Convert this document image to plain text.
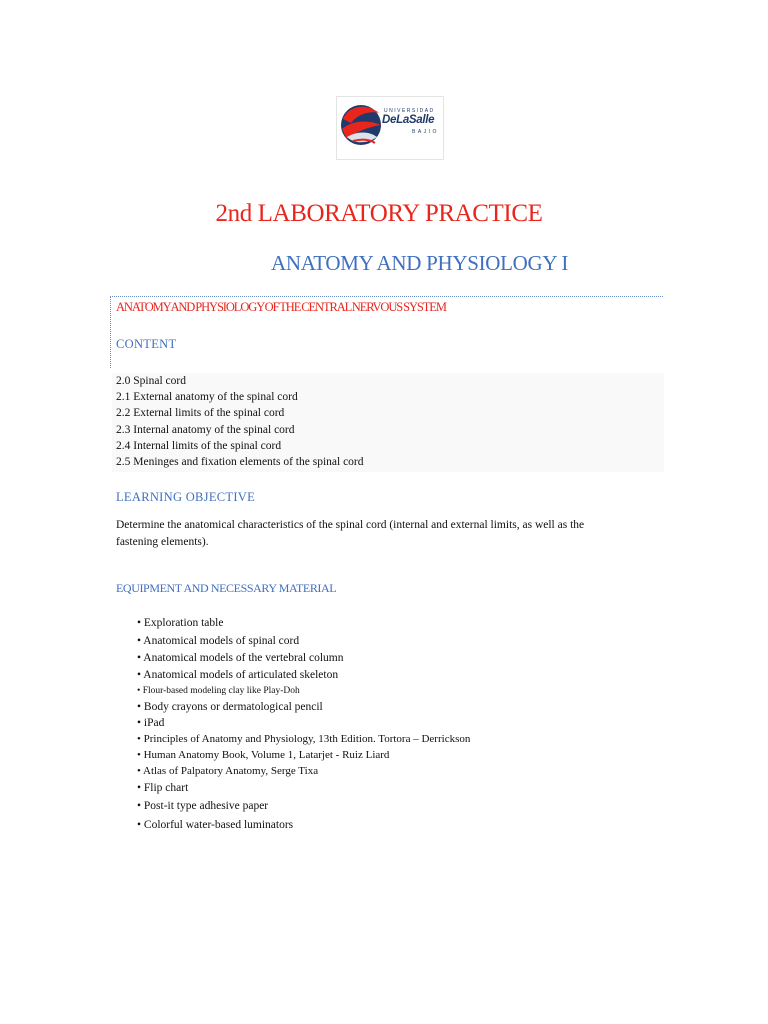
UNIVERSIDAD
DeLaSalle
BAJIO
2nd LABORATORY PRACTICE
ANATOMY AND PHYSIOLOGY I
ANATOMY AND PHYSIOLOGY OF THE CENTRAL NERVOUS SYSTEM
CONTENT
2.0 Spinal cord
2.1 External anatomy of the spinal cord
2.2 External limits of the spinal cord
2.3 Internal anatomy of the spinal cord
2.4 Internal limits of the spinal cord
2.5 Meninges and fixation elements of the spinal cord
LEARNING OBJECTIVE
Determine the anatomical characteristics of the spinal cord (internal and external limits, as well as the fastening elements).
EQUIPMENT AND NECESSARY MATERIAL
• Exploration table
• Anatomical models of spinal cord
• Anatomical models of the vertebral column
• Anatomical models of articulated skeleton
• Flour-based modeling clay like Play-Doh
• Body crayons or dermatological pencil
• iPad
• Principles of Anatomy and Physiology, 13th Edition. Tortora – Derrickson
• Human Anatomy Book, Volume 1, Latarjet - Ruiz Liard
• Atlas of Palpatory Anatomy, Serge Tixa
• Flip chart
• Post-it type adhesive paper
• Colorful water-based luminators
